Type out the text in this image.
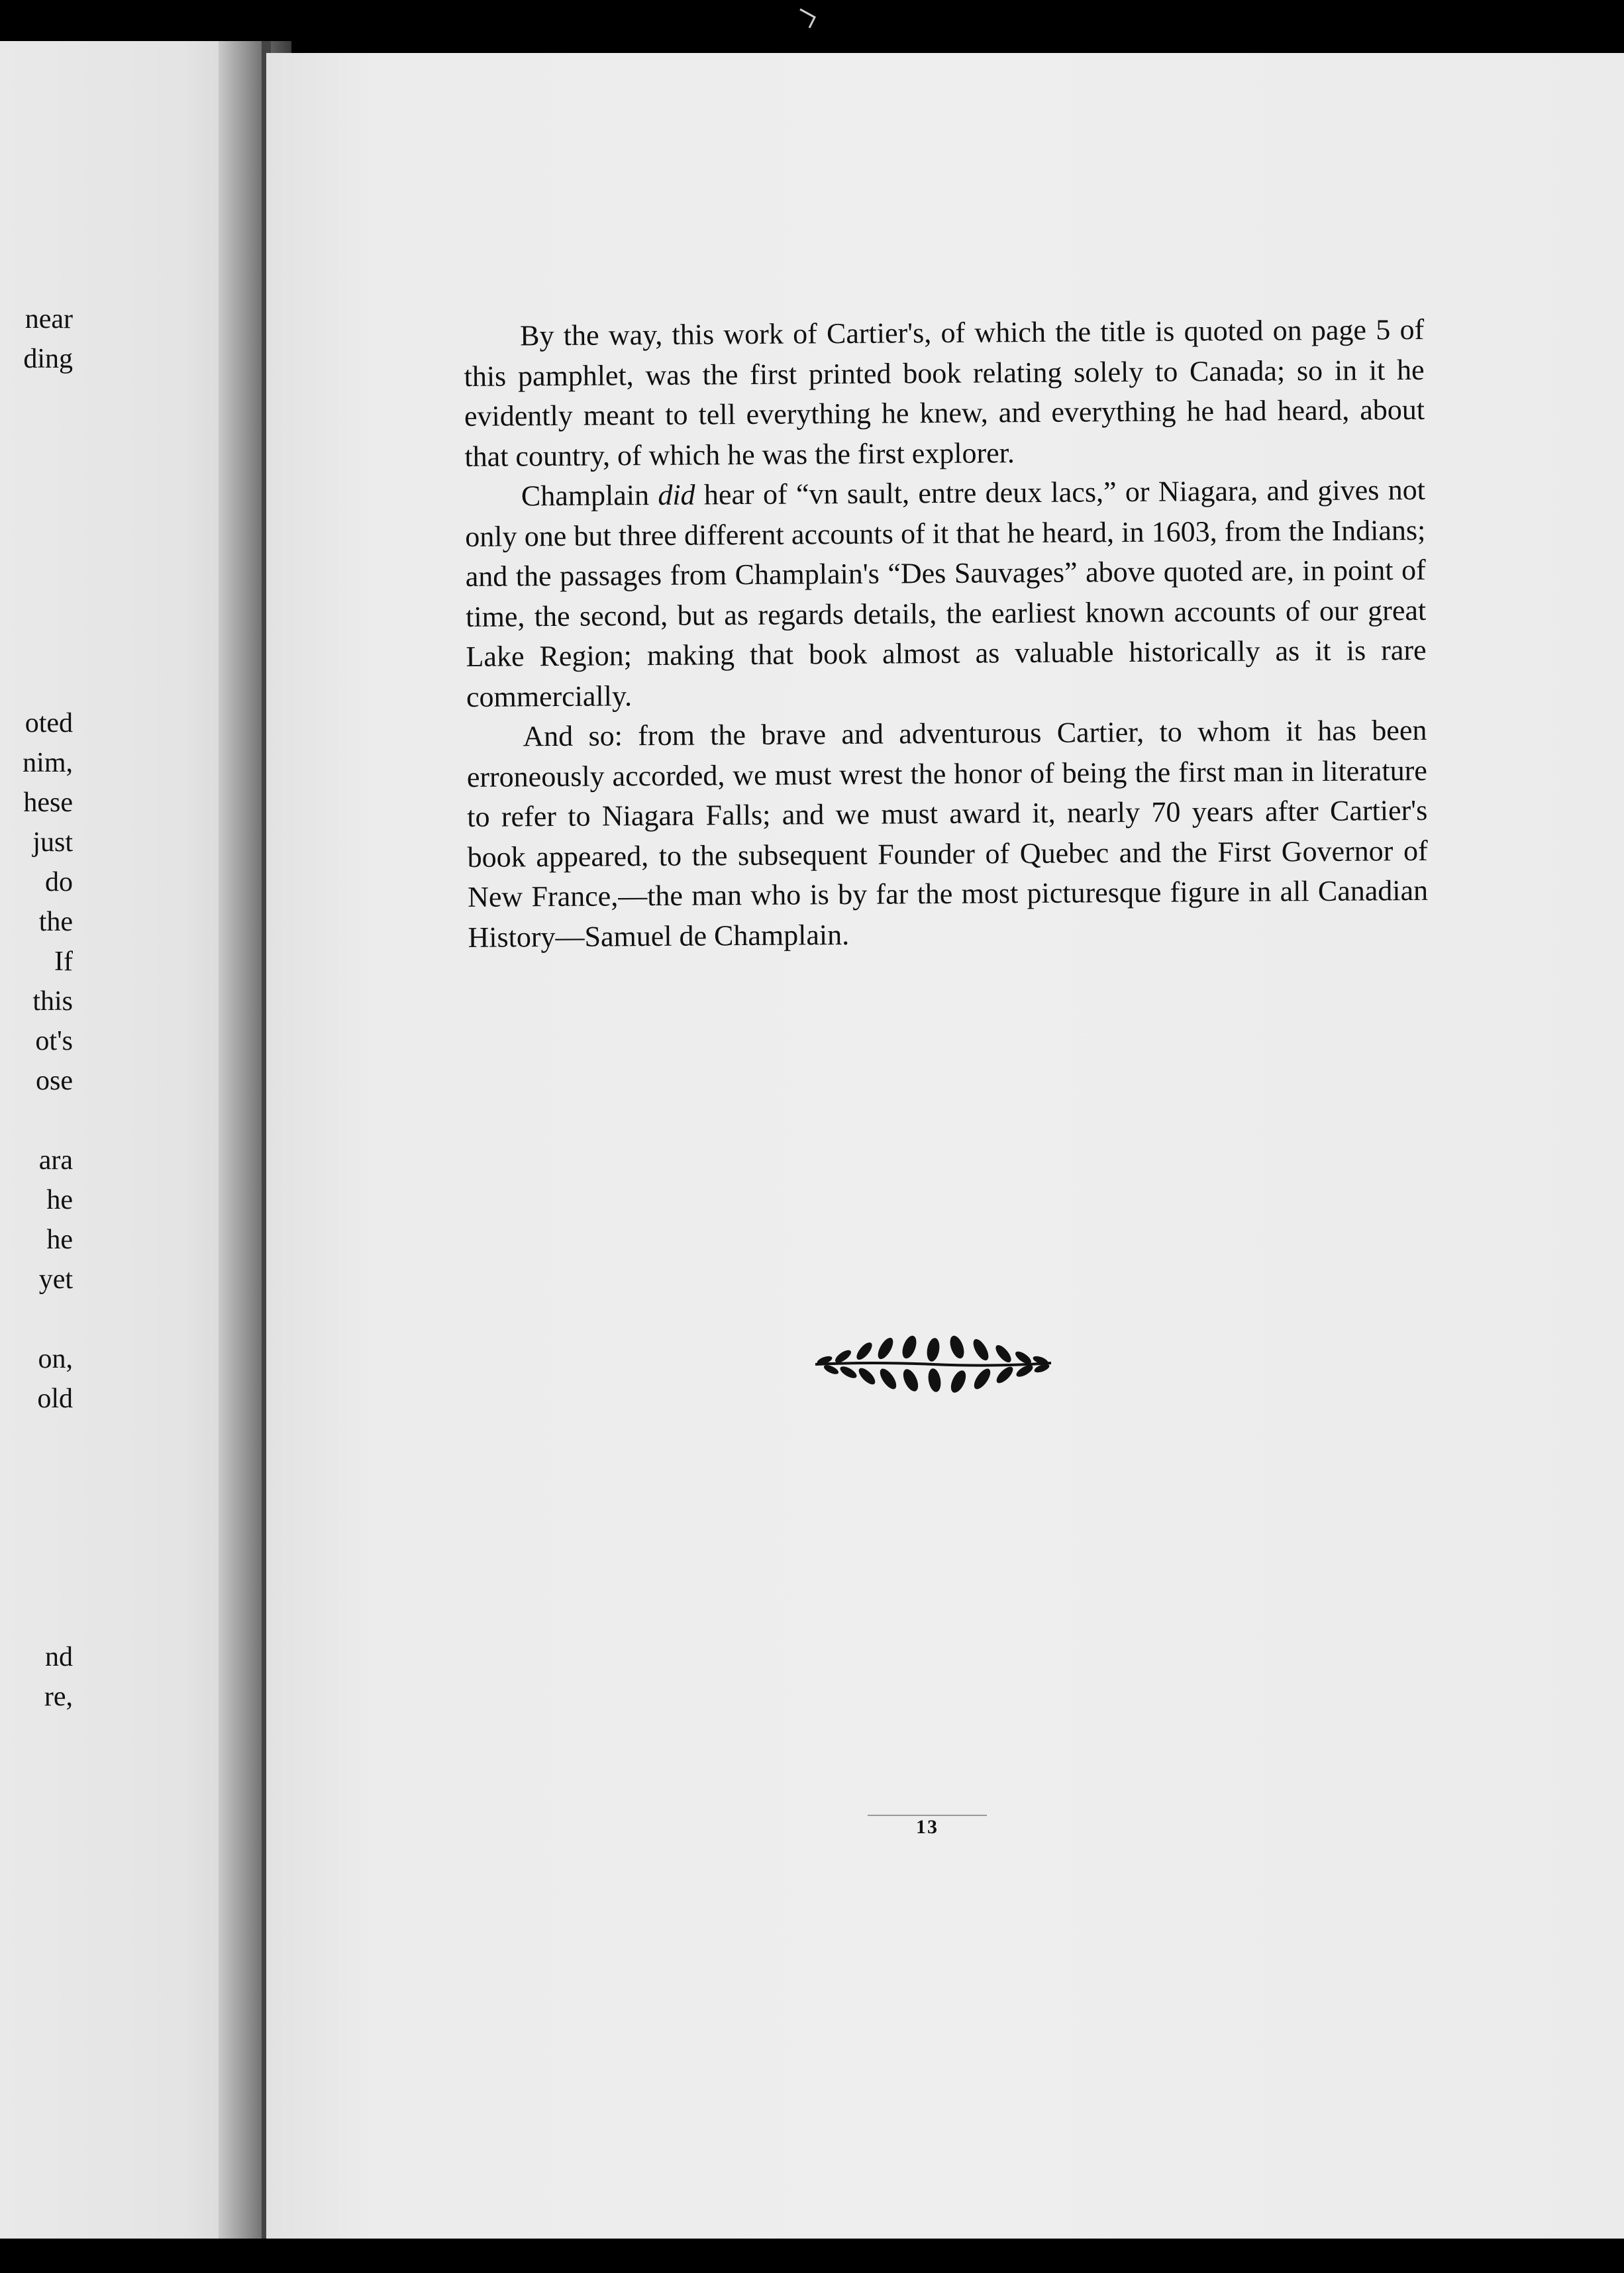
near
ding
oted
nim,
hese
just
do
the
If
this
ot's
ose
ara
he
he
yet
on,
old
nd
re,

By the way, this work of Cartier's, of which the title is quoted on page 5 of this pamphlet, was the first printed book relating solely to Canada; so in it he evidently meant to tell everything he knew, and everything he had heard, about that country, of which he was the first explorer.

Champlain did hear of “vn sault, entre deux lacs,” or Niagara, and gives not only one but three different accounts of it that he heard, in 1603, from the Indians; and the passages from Champlain's “Des Sauvages” above quoted are, in point of time, the second, but as regards details, the earliest known accounts of our great Lake Region; making that book almost as valuable historically as it is rare commercially.

And so: from the brave and adventurous Cartier, to whom it has been erroneously accorded, we must wrest the honor of being the first man in literature to refer to Niagara Falls; and we must award it, nearly 70 years after Cartier's book appeared, to the subsequent Founder of Quebec and the First Governor of New France,—the man who is by far the most picturesque figure in all Canadian History—Samuel de Champlain.

13
